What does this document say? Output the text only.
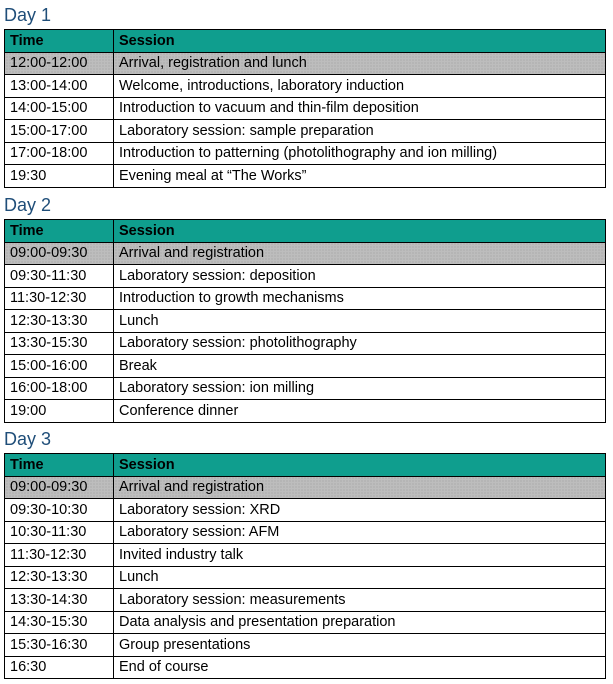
Day 1
Time	Session
12:00-12:00	Arrival, registration and lunch
13:00-14:00	Welcome, introductions, laboratory induction
14:00-15:00	Introduction to vacuum and thin-film deposition
15:00-17:00	Laboratory session: sample preparation
17:00-18:00	Introduction to patterning (photolithography and ion milling)
19:30	Evening meal at “The Works”
Day 2
Time	Session
09:00-09:30	Arrival and registration
09:30-11:30	Laboratory session: deposition
11:30-12:30	Introduction to growth mechanisms
12:30-13:30	Lunch
13:30-15:30	Laboratory session: photolithography
15:00-16:00	Break
16:00-18:00	Laboratory session: ion milling
19:00	Conference dinner
Day 3
Time	Session
09:00-09:30	Arrival and registration
09:30-10:30	Laboratory session: XRD
10:30-11:30	Laboratory session: AFM
11:30-12:30	Invited industry talk
12:30-13:30	Lunch
13:30-14:30	Laboratory session: measurements
14:30-15:30	Data analysis and presentation preparation
15:30-16:30	Group presentations
16:30	End of course
